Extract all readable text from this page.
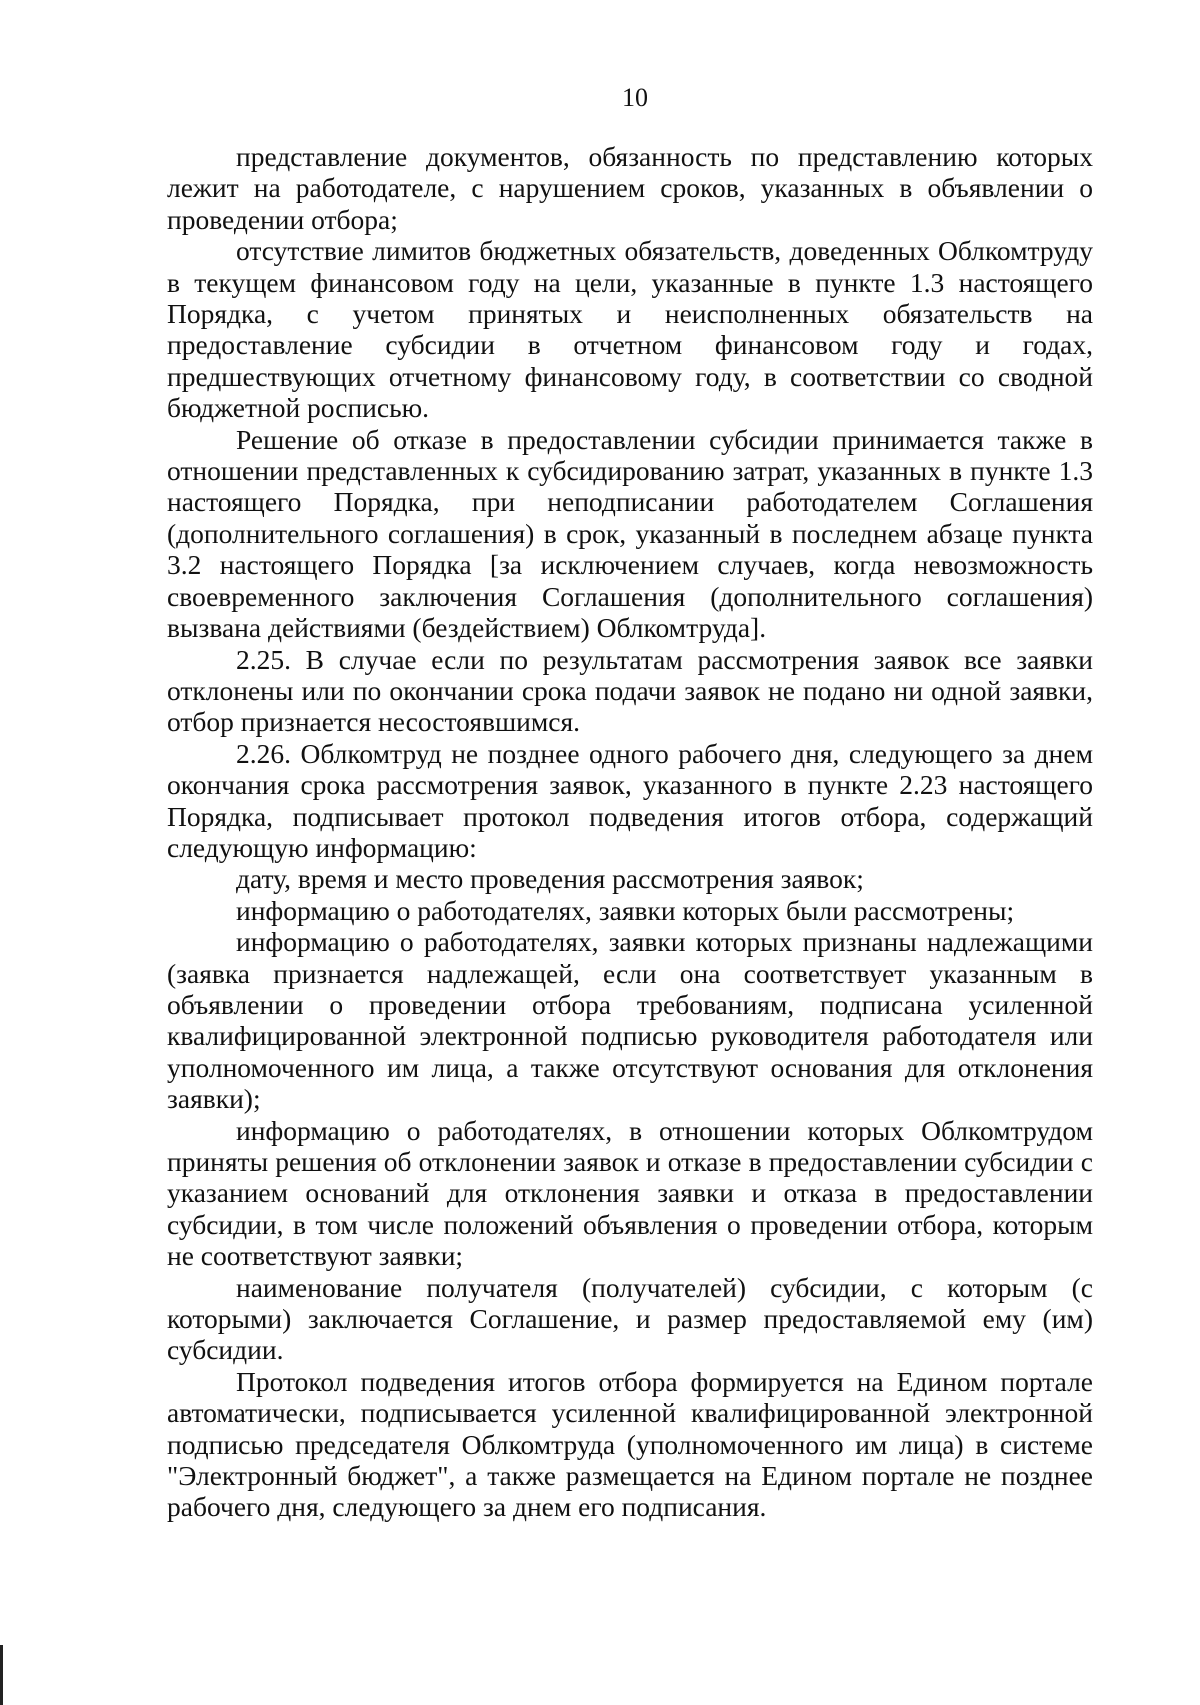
10

представление документов, обязанность по представлению которых лежит на работодателе, с нарушением сроков, указанных в объявлении о проведении отбора;

отсутствие лимитов бюджетных обязательств, доведенных Облкомтруду в текущем финансовом году на цели, указанные в пункте 1.3 настоящего Порядка, с учетом принятых и неисполненных обязательств на предоставление субсидии в отчетном финансовом году и годах, предшествующих отчетному финансовому году, в соответствии со сводной бюджетной росписью.

Решение об отказе в предоставлении субсидии принимается также в отношении представленных к субсидированию затрат, указанных в пункте 1.3 настоящего Порядка, при неподписании работодателем Соглашения (дополнительного соглашения) в срок, указанный в последнем абзаце пункта 3.2 настоящего Порядка [за исключением случаев, когда невозможность своевременного заключения Соглашения (дополнительного соглашения) вызвана действиями (бездействием) Облкомтруда].

2.25. В случае если по результатам рассмотрения заявок все заявки отклонены или по окончании срока подачи заявок не подано ни одной заявки, отбор признается несостоявшимся.

2.26. Облкомтруд не позднее одного рабочего дня, следующего за днем окончания срока рассмотрения заявок, указанного в пункте 2.23 настоящего Порядка, подписывает протокол подведения итогов отбора, содержащий следующую информацию:

дату, время и место проведения рассмотрения заявок;

информацию о работодателях, заявки которых были рассмотрены;

информацию о работодателях, заявки которых признаны надлежащими (заявка признается надлежащей, если она соответствует указанным в объявлении о проведении отбора требованиям, подписана усиленной квалифицированной электронной подписью руководителя работодателя или уполномоченного им лица, а также отсутствуют основания для отклонения заявки);

информацию о работодателях, в отношении которых Облкомтрудом приняты решения об отклонении заявок и отказе в предоставлении субсидии с указанием оснований для отклонения заявки и отказа в предоставлении субсидии, в том числе положений объявления о проведении отбора, которым не соответствуют заявки;

наименование получателя (получателей) субсидии, с которым (с которыми) заключается Соглашение, и размер предоставляемой ему (им) субсидии.

Протокол подведения итогов отбора формируется на Едином портале автоматически, подписывается усиленной квалифицированной электронной подписью председателя Облкомтруда (уполномоченного им лица) в системе "Электронный бюджет", а также размещается на Едином портале не позднее рабочего дня, следующего за днем его подписания.
